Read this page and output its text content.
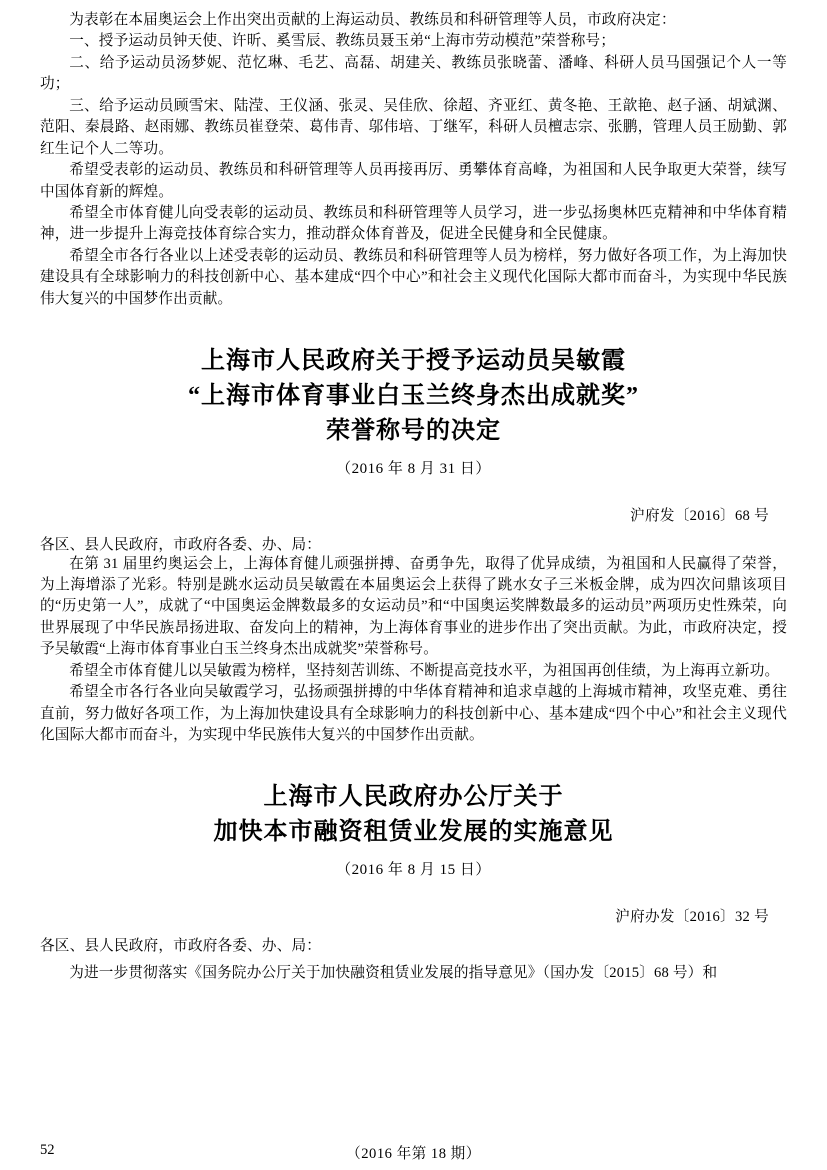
为表彰在本届奥运会上作出突出贡献的上海运动员、教练员和科研管理等人员，市政府决定：

一、授予运动员钟天使、许昕、奚雪辰、教练员聂玉弟“上海市劳动模范”荣誉称号；

二、给予运动员汤梦妮、范忆琳、毛艺、高磊、胡建关、教练员张晓蕾、潘峰、科研人员马国强记个人一等功；

三、给予运动员顾雪宋、陆滢、王仪涵、张灵、吴佳欣、徐超、齐亚红、黄冬艳、王歆艳、赵子涵、胡斌渊、范阳、秦晨路、赵雨娜、教练员崔登荣、葛伟青、邬伟培、丁继军，科研人员檀志宗、张鹏，管理人员王励勤、郭红生记个人二等功。

希望受表彰的运动员、教练员和科研管理等人员再接再厉、勇攀体育高峰，为祖国和人民争取更大荣誉，续写中国体育新的辉煌。

希望全市体育健儿向受表彰的运动员、教练员和科研管理等人员学习，进一步弘扬奥林匹克精神和中华体育精神，进一步提升上海竞技体育综合实力，推动群众体育普及，促进全民健身和全民健康。

希望全市各行各业以上述受表彰的运动员、教练员和科研管理等人员为榜样，努力做好各项工作，为上海加快建设具有全球影响力的科技创新中心、基本建成“四个中心”和社会主义现代化国际大都市而奋斗，为实现中华民族伟大复兴的中国梦作出贡献。

上海市人民政府关于授予运动员吴敏霞
“上海市体育事业白玉兰终身杰出成就奖”
荣誉称号的决定
（2016 年 8 月 31 日）
沪府发〔2016〕68 号
各区、县人民政府，市政府各委、办、局：

在第 31 届里约奥运会上，上海体育健儿顽强拼搏、奋勇争先，取得了优异成绩，为祖国和人民赢得了荣誉，为上海增添了光彩。特别是跳水运动员吴敏霞在本届奥运会上获得了跳水女子三米板金牌，成为四次问鼎该项目的“历史第一人”，成就了“中国奥运金牌数最多的女运动员”和“中国奥运奖牌数最多的运动员”两项历史性殊荣，向世界展现了中华民族昂扬进取、奋发向上的精神，为上海体育事业的进步作出了突出贡献。为此，市政府决定，授予吴敏霞“上海市体育事业白玉兰终身杰出成就奖”荣誉称号。

希望全市体育健儿以吴敏霞为榜样，坚持刻苦训练、不断提高竞技水平，为祖国再创佳绩，为上海再立新功。

希望全市各行各业向吴敏霞学习，弘扬顽强拼搏的中华体育精神和追求卓越的上海城市精神，攻坚克难、勇往直前，努力做好各项工作，为上海加快建设具有全球影响力的科技创新中心、基本建成“四个中心”和社会主义现代化国际大都市而奋斗，为实现中华民族伟大复兴的中国梦作出贡献。

上海市人民政府办公厅关于
加快本市融资租赁业发展的实施意见
（2016 年 8 月 15 日）
沪府办发〔2016〕32 号
各区、县人民政府，市政府各委、办、局：

为进一步贯彻落实《国务院办公厅关于加快融资租赁业发展的指导意见》（国办发〔2015〕68 号）和

52	（2016 年第 18 期）
